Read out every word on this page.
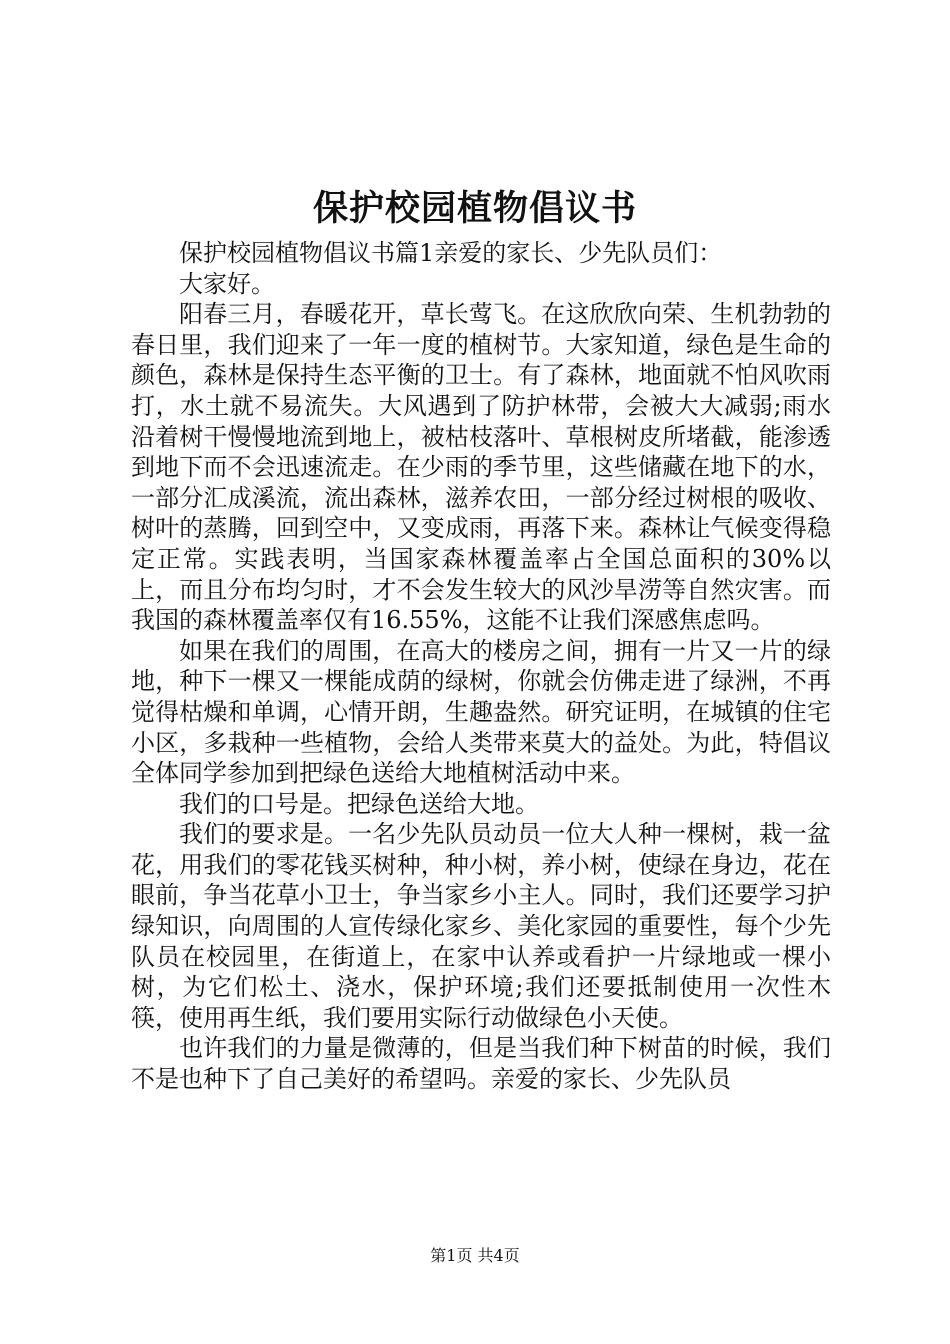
保护校园植物倡议书

保护校园植物倡议书篇1亲爱的家长、少先队员们：

大家好。

阳春三月，春暖花开，草长莺飞。在这欣欣向荣、生机勃勃的春日里，我们迎来了一年一度的植树节。大家知道，绿色是生命的颜色，森林是保持生态平衡的卫士。有了森林，地面就不怕风吹雨打，水土就不易流失。大风遇到了防护林带，会被大大减弱;雨水沿着树干慢慢地流到地上，被枯枝落叶、草根树皮所堵截，能渗透到地下而不会迅速流走。在少雨的季节里，这些储藏在地下的水，一部分汇成溪流，流出森林，滋养农田，一部分经过树根的吸收、树叶的蒸腾，回到空中，又变成雨，再落下来。森林让气候变得稳定正常。实践表明，当国家森林覆盖率占全国总面积的30%以上，而且分布均匀时，才不会发生较大的风沙旱涝等自然灾害。而我国的森林覆盖率仅有16.55%，这能不让我们深感焦虑吗。

如果在我们的周围，在高大的楼房之间，拥有一片又一片的绿地，种下一棵又一棵能成荫的绿树，你就会仿佛走进了绿洲，不再觉得枯燥和单调，心情开朗，生趣盎然。研究证明，在城镇的住宅小区，多栽种一些植物，会给人类带来莫大的益处。为此，特倡议全体同学参加到把绿色送给大地植树活动中来。

我们的口号是。把绿色送给大地。

我们的要求是。一名少先队员动员一位大人种一棵树，栽一盆花，用我们的零花钱买树种，种小树，养小树，使绿在身边，花在眼前，争当花草小卫士，争当家乡小主人。同时，我们还要学习护绿知识，向周围的人宣传绿化家乡、美化家园的重要性，每个少先队员在校园里，在街道上，在家中认养或看护一片绿地或一棵小树，为它们松土、浇水，保护环境;我们还要抵制使用一次性木筷，使用再生纸，我们要用实际行动做绿色小天使。

也许我们的力量是微薄的，但是当我们种下树苗的时候，我们不是也种下了自己美好的希望吗。亲爱的家长、少先队员

第1页 共4页
